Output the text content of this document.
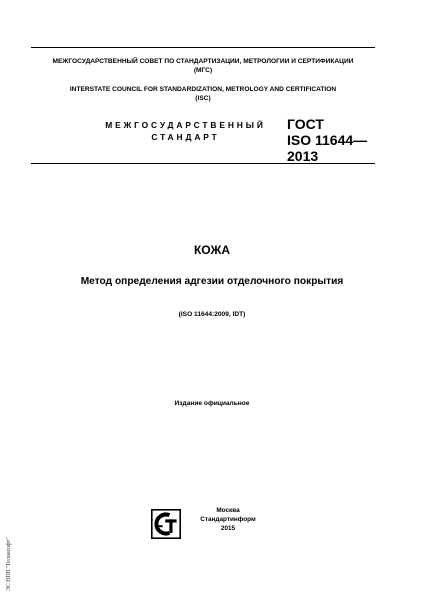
МЕЖГОСУДАРСТВЕННЫЙ СОВЕТ ПО СТАНДАРТИЗАЦИИ, МЕТРОЛОГИИ И СЕРТИФИКАЦИИ
(МГС)
INTERSTATE COUNCIL FOR STANDARDIZATION, METROLOGY AND CERTIFICATION
(ISC)
МЕЖГОСУДАРСТВЕННЫЙ
СТАНДАРТ
ГОСТ
ISO 11644—
2013
КОЖА
Метод определения адгезии отделочного покрытия
(ISO 11644:2009, IDT)
Издание официальное
Москва
Стандартинформ
2015
ЭС НПП "Гелиасофт"
